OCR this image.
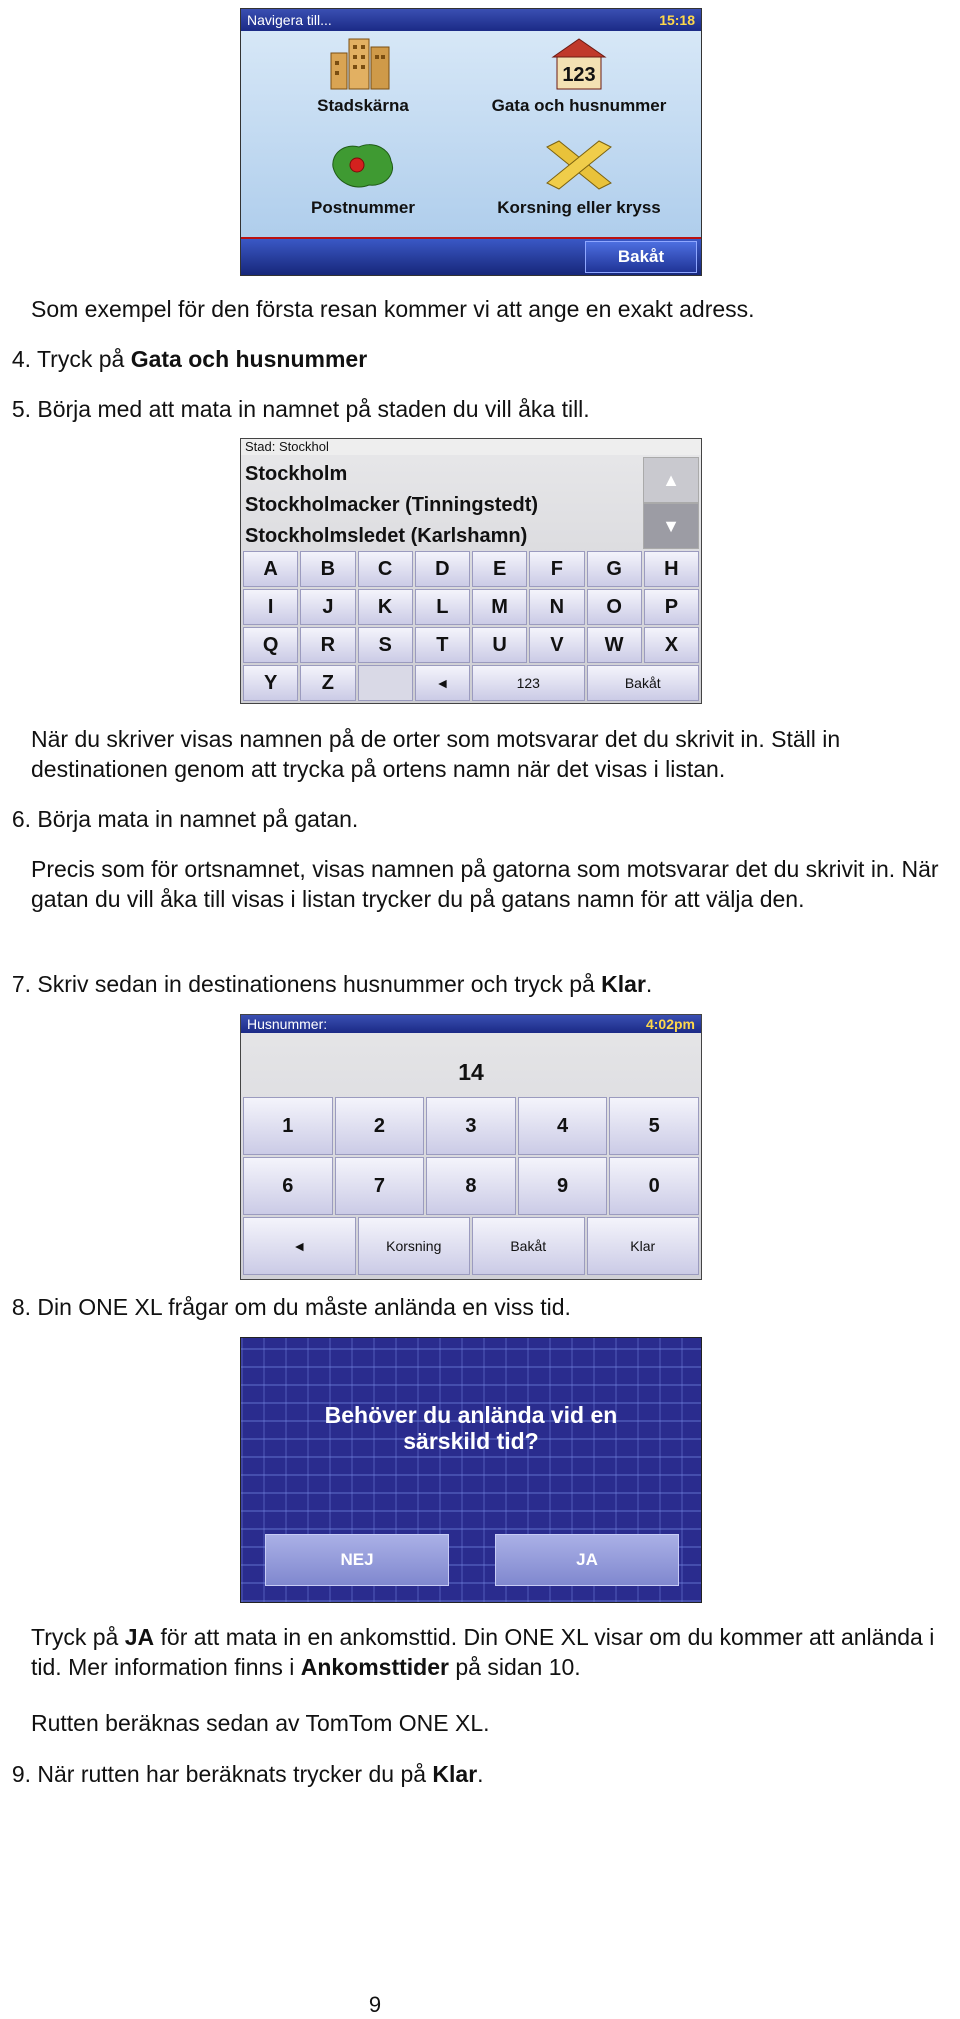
Navigera till...	15:18
Stadskärna
123
Gata och husnummer
Postnummer	Korsning eller kryss
Bakåt

Som exempel för den första resan kommer vi att ange en exakt adress.

4. Tryck på Gata och husnummer

5. Börja med att mata in namnet på staden du vill åka till.

Stad: Stockhol
Stockholm
Stockholmacker (Tinningstedt)
Stockholmsledet (Karlshamn)
▲
▼
A	B	C	D	E	F	G	H
I	J	K	L	M	N	O	P
Q	R	S	T	U	V	W	X
Y	Z	◄	123	Bakåt

När du skriver visas namnen på de orter som motsvarar det du skrivit in. Ställ in destinationen genom att trycka på ortens namn när det visas i listan.

6. Börja mata in namnet på gatan.

Precis som för ortsnamnet, visas namnen på gatorna som motsvarar det du skrivit in. När gatan du vill åka till visas i listan trycker du på gatans namn för att välja den.

7. Skriv sedan in destinationens husnummer och tryck på Klar.

Husnummer:	4:02pm
14
1	2	3	4	5
6	7	8	9	0
◄	Korsning	Bakåt	Klar

8. Din ONE XL frågar om du måste anlända en viss tid.

Behöver du anlända vid en
särskild tid?
NEJ	JA

Tryck på JA för att mata in en ankomsttid. Din ONE XL visar om du kommer att anlända i tid. Mer information finns i Ankomsttider på sidan 10.

Rutten beräknas sedan av TomTom ONE XL.

9. När rutten har beräknats trycker du på Klar.

9
